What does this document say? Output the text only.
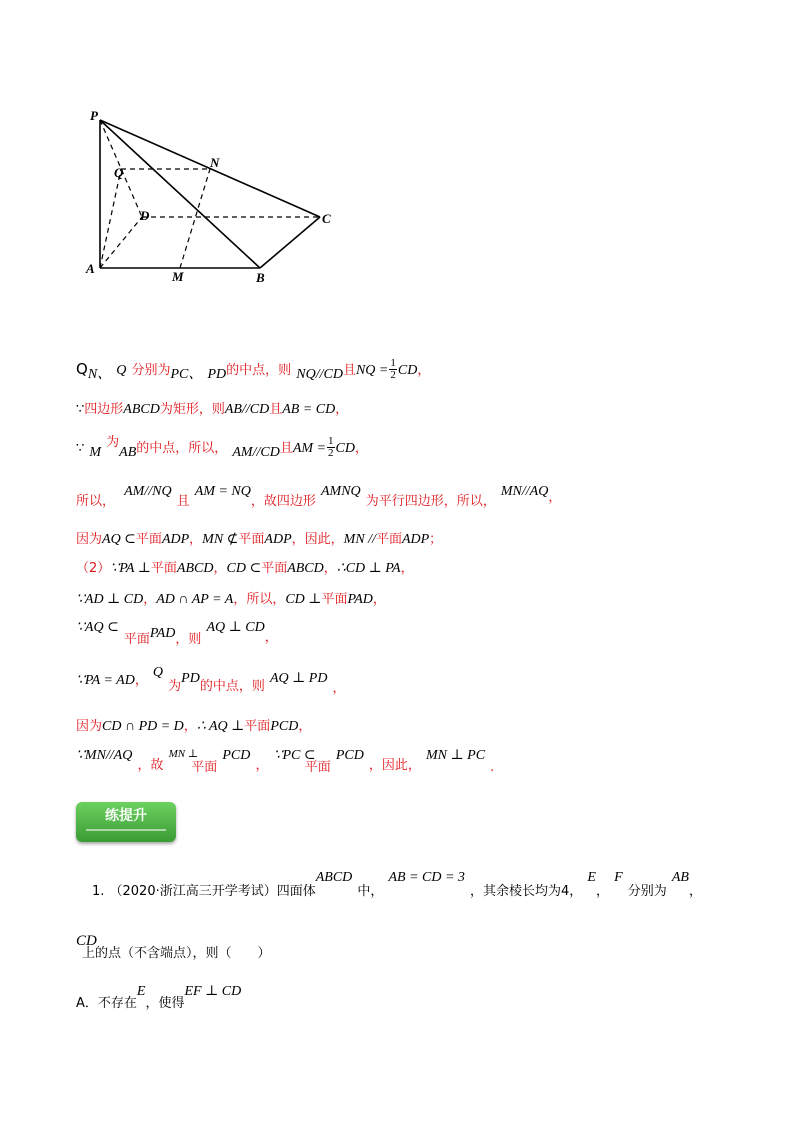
P
Q
N
D	C
A
M	B
QN、 Q 分别为PC、 PD的中点，则 NQ//CD且NQ = $\frac{1}{2}$ CD，
∵四边形ABCD为矩形，则AB//CD且AB = CD，
∵ M $^为$AB的中点，所以， AM//CD且AM = $\frac{1}{2}$ CD，
$_{所以,}$ AM//NQ $_且$ AM = $NQ_{,故四边形}$ AMNQ $_{为平行四边形,所以,}$ $MN//AQ_,$
因为AQ ⊂平面ADP，MN ⊄平面ADP，因此，MN //平面ADP；
（2）∵PA ⊥平面ABCD，CD ⊂平面ABCD，∴CD ⊥ PA，
∵AD ⊥ CD，AD ∩ AP = A，所以，CD ⊥平面PAD，
∵AQ ⊂ $_{平面}PAD_{,则}$ AQ ⊥ $CD_,$
∵PA = $AD_,$ Q $_为PD_{的中点,则}$ AQ ⊥ PD $_,$
因为CD ∩ PD = D，∴ AQ ⊥平面PCD，
∵MN//AQ $_{,故}$ MN ⊥ $_{平面}$ PCD $_,$ ∵PC ⊂ $_{平面}$ PCD $_{,因此,}$ MN ⊥ PC $_.$
练提升
$_{1.}$ $_{(2020\cdot 浙江高三开学考试)四面体}$ABCD $_{中,}$ AB = CD = 3 $_{,其余棱长均为4,}$ $E_,$ F $_{分别为}$ $AB_,$
CD $_{上的点(不含端点),则( )}$
$_{A.不存在}E_{,使得}EF$ ⊥ CD
